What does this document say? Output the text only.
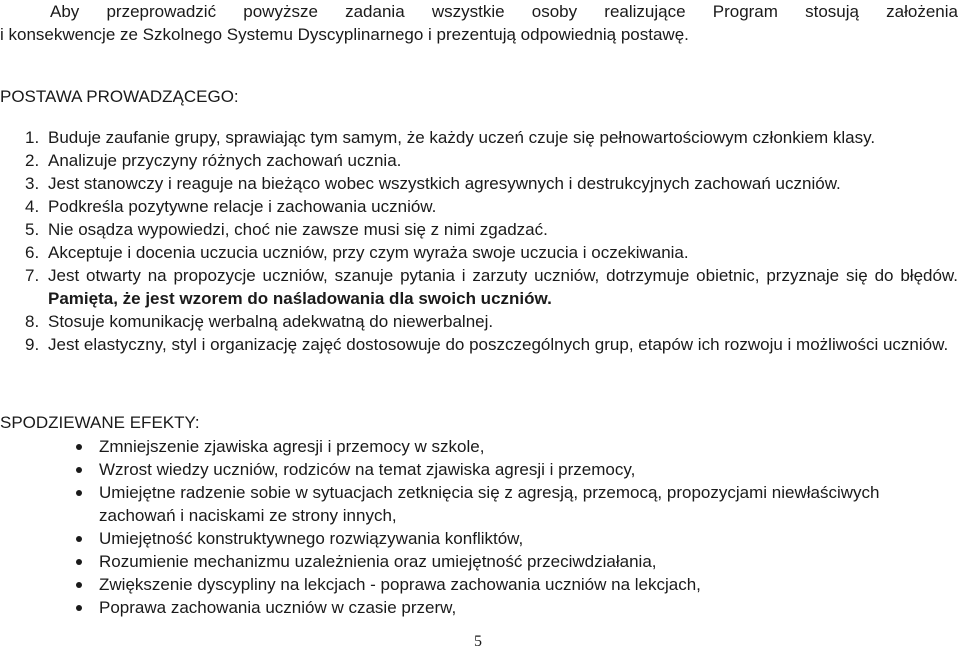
Aby przeprowadzić powyższe zadania wszystkie osoby realizujące Program stosują założenia
i konsekwencje ze Szkolnego Systemu Dyscyplinarnego i prezentują odpowiednią postawę.
POSTAWA PROWADZĄCEGO:
1. Buduje zaufanie grupy, sprawiając tym samym, że każdy uczeń czuje się pełnowartościowym członkiem klasy.
2. Analizuje przyczyny różnych zachowań ucznia.
3. Jest stanowczy i reaguje na bieżąco wobec wszystkich agresywnych i destrukcyjnych zachowań uczniów.
4. Podkreśla pozytywne relacje i zachowania uczniów.
5. Nie osądza wypowiedzi, choć nie zawsze musi się z nimi zgadzać.
6. Akceptuje i docenia uczucia uczniów, przy czym wyraża swoje uczucia i oczekiwania.
7. Jest otwarty na propozycje uczniów, szanuje pytania i zarzuty uczniów, dotrzymuje obietnic, przyznaje się do błędów. Pamięta, że jest wzorem do naśladowania dla swoich uczniów.
8. Stosuje komunikację werbalną adekwatną do niewerbalnej.
9. Jest elastyczny, styl i organizację zajęć dostosowuje do poszczególnych grup, etapów ich rozwoju i możliwości uczniów.
SPODZIEWANE EFEKTY:
Zmniejszenie zjawiska agresji i przemocy w szkole,
Wzrost wiedzy uczniów, rodziców na temat zjawiska agresji i przemocy,
Umiejętne radzenie sobie w sytuacjach zetknięcia się z agresją, przemocą, propozycjami niewłaściwych zachowań i naciskami ze strony innych,
Umiejętność konstruktywnego rozwiązywania konfliktów,
Rozumienie mechanizmu uzależnienia oraz umiejętność przeciwdziałania,
Zwiększenie dyscypliny na lekcjach - poprawa zachowania uczniów na lekcjach,
Poprawa zachowania uczniów w czasie przerw,
5
